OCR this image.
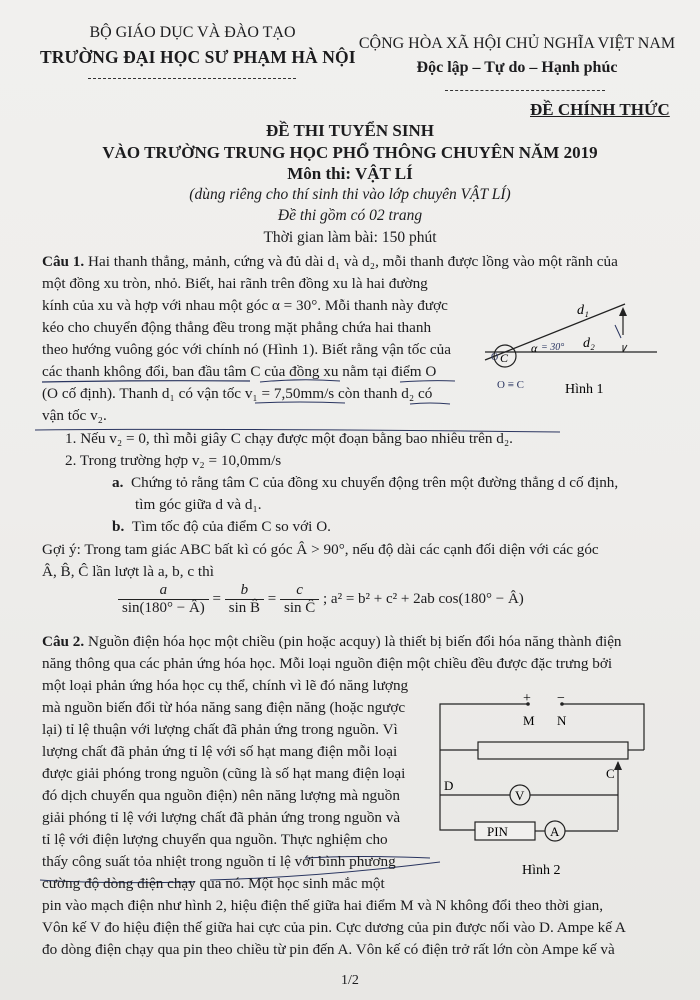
BỘ GIÁO DỤC VÀ ĐÀO TẠO
TRƯỜNG ĐẠI HỌC SƯ PHẠM HÀ NỘI
CỘNG HÒA XÃ HỘI CHỦ NGHĨA VIỆT NAM
Độc lập – Tự do – Hạnh phúc
ĐỀ CHÍNH THỨC
ĐỀ THI TUYỂN SINH
VÀO TRƯỜNG TRUNG HỌC PHỔ THÔNG CHUYÊN NĂM 2019
Môn thi: VẬT LÍ
(dùng riêng cho thí sinh thi vào lớp chuyên VẬT LÍ)
Đề thi gồm có 02 trang
Thời gian làm bài: 150 phút
Câu 1. Hai thanh thẳng, mảnh, cứng và đủ dài d₁ và d₂, mỗi thanh được lồng vào một rãnh của
một đồng xu tròn, nhỏ. Biết, hai rãnh trên đồng xu là hai đường
kính của xu và hợp với nhau một góc α = 30°. Mỗi thanh này được
kéo cho chuyển động thẳng đều trong mặt phẳng chứa hai thanh
theo hướng vuông góc với chính nó (Hình 1). Biết rằng vận tốc của
các thanh không đổi, ban đầu tâm C của đồng xu nằm tại điểm O
(O cố định). Thanh d₁ có vận tốc v₁ = 7,50mm/s còn thanh d₂ có
vận tốc v₂.
d₁
d₂
α = 30°
C
O
O ≡ C	Hình 1
1. Nếu v₂ = 0, thì mỗi giây C chạy được một đoạn bằng bao nhiêu trên d₂.
2. Trong trường hợp v₂ = 10,0mm/s
a. Chứng tỏ rằng tâm C của đồng xu chuyển động trên một đường thẳng d cố định,
tìm góc giữa d và d₁.
b. Tìm tốc độ của điểm C so với O.
Gợi ý: Trong tam giác ABC bất kì có góc Â > 90°, nếu độ dài các cạnh đối diện với các góc
Â, B̂, Ĉ lần lượt là a, b, c thì
$\frac{a}{\sin(180^\circ - Â)} = \frac{b}{\text{sin B̂}} = \frac{c}{\text{sin Ĉ}}$ ; a² = b² + c² + 2ab cos(180° − Â)
Câu 2. Nguồn điện hóa học một chiều (pin hoặc acquy) là thiết bị biến đổi hóa năng thành điện
năng thông qua các phản ứng hóa học. Mỗi loại nguồn điện một chiều đều được đặc trưng bởi
một loại phản ứng hóa học cụ thể, chính vì lẽ đó năng lượng
mà nguồn biến đổi từ hóa năng sang điện năng (hoặc ngược
lại) tỉ lệ thuận với lượng chất đã phản ứng trong nguồn. Vì
lượng chất đã phản ứng tỉ lệ với số hạt mang điện mỗi loại
được giải phóng trong nguồn (cũng là số hạt mang điện loại
đó dịch chuyển qua nguồn điện) nên năng lượng mà nguồn
giải phóng tỉ lệ với lượng chất đã phản ứng trong nguồn và
tỉ lệ với điện lượng chuyển qua nguồn. Thực nghiệm cho
thấy công suất tỏa nhiệt trong nguồn tỉ lệ với bình phương
cường độ dòng điện chạy qua nó. Một học sinh mắc một
pin vào mạch điện như hình 2, hiệu điện thế giữa hai điểm M và N không đổi theo thời gian,
Vôn kế V đo hiệu điện thế giữa hai cực của pin. Cực dương của pin được nối vào D. Ampe kế A
đo dòng điện chạy qua pin theo chiều từ pin đến A. Vôn kế có điện trở rất lớn còn Ampe kế và
+ −
M N
C
D
V
PIN	A
Hình 2
1/2
